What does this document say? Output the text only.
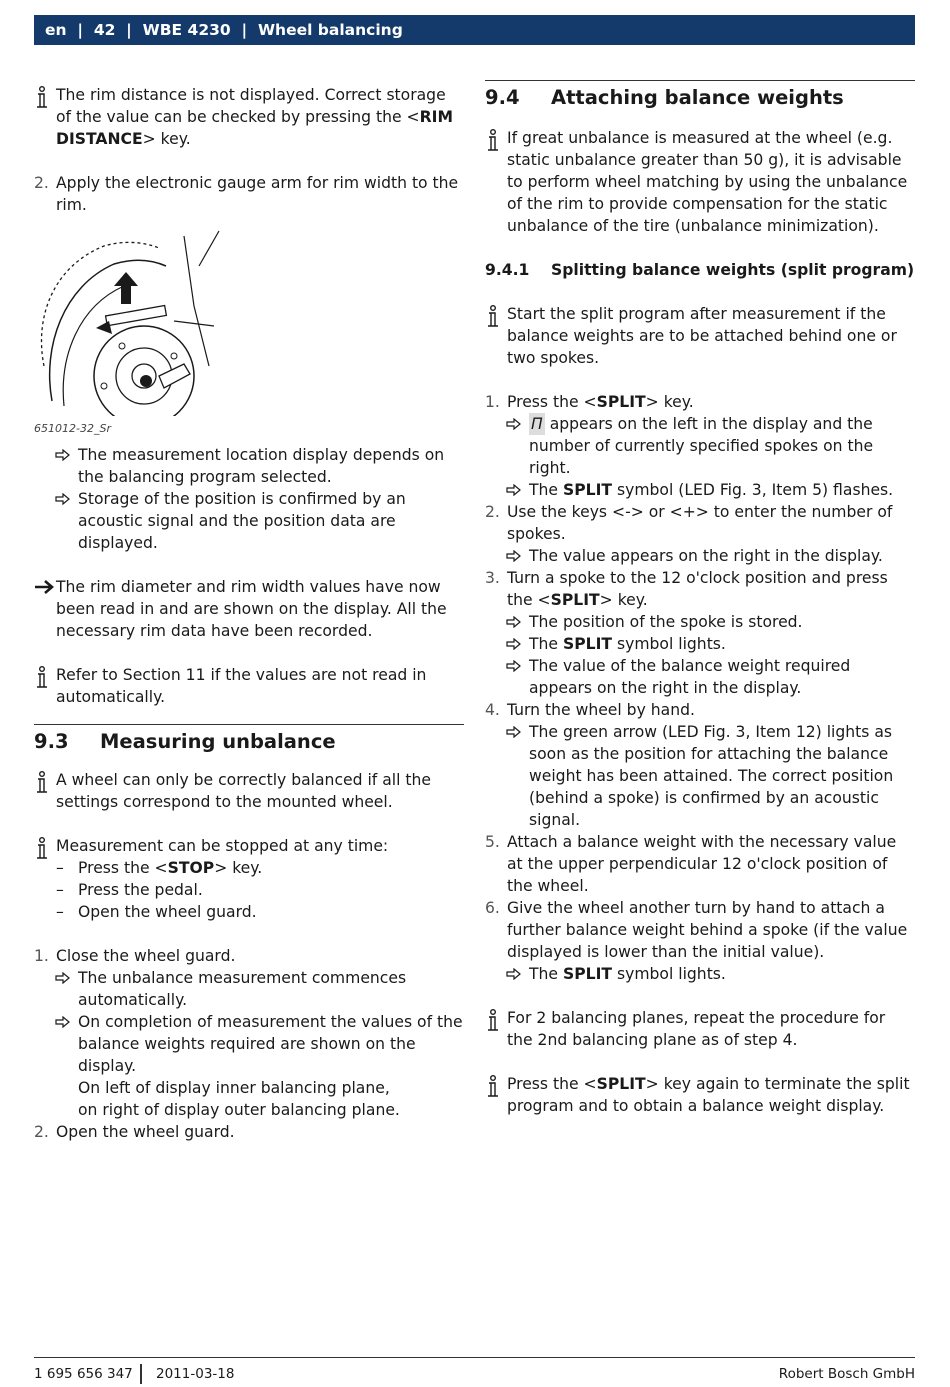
en  |  42  |  WBE 4230  |  Wheel balancing
The rim distance is not displayed. Correct storage of the value can be checked by pressing the <RIM DISTANCE> key.
2. Apply the electronic gauge arm for rim width to the rim.
651012-32_Sr
The measurement location display depends on the balancing program selected.
Storage of the position is confirmed by an acoustic signal and the position data are displayed.
The rim diameter and rim width values have now been read in and are shown on the display. All the necessary rim data have been recorded.
Refer to Section 11 if the values are not read in automatically.
9.3 Measuring unbalance
A wheel can only be correctly balanced if all the settings correspond to the mounted wheel.
Measurement can be stopped at any time:
– Press the <STOP> key.
– Press the pedal.
– Open the wheel guard.
1. Close the wheel guard.
The unbalance measurement commences automatically.
On completion of measurement the values of the balance weights required are shown on the display.
On left of display inner balancing plane,
on right of display outer balancing plane.
2. Open the wheel guard.
9.4 Attaching balance weights
If great unbalance is measured at the wheel (e.g. static unbalance greater than 50 g), it is advisable to perform wheel matching by using the unbalance of the rim to provide compensation for the static unbalance of the tire (unbalance minimization).
9.4.1 Splitting balance weights (split program)
Start the split program after measurement if the balance weights are to be attached behind one or two spokes.
1. Press the <SPLIT> key.
Π appears on the left in the display and the number of currently specified spokes on the right.
The SPLIT symbol (LED Fig. 3, Item 5) flashes.
2. Use the keys <-> or <+> to enter the number of spokes.
The value appears on the right in the display.
3. Turn a spoke to the 12 o'clock position and press the <SPLIT> key.
The position of the spoke is stored.
The SPLIT symbol lights.
The value of the balance weight required appears on the right in the display.
4. Turn the wheel by hand.
The green arrow (LED Fig. 3, Item 12) lights as soon as the position for attaching the balance weight has been attained. The correct position (behind a spoke) is confirmed by an acoustic signal.
5. Attach a balance weight with the necessary value at the upper perpendicular 12 o'clock position of the wheel.
6. Give the wheel another turn by hand to attach a further balance weight behind a spoke (if the value displayed is lower than the initial value).
The SPLIT symbol lights.
For 2 balancing planes, repeat the procedure for the 2nd balancing plane as of step 4.
Press the <SPLIT> key again to terminate the split program and to obtain a balance weight display.
1 695 656 347 2011-03-18	Robert Bosch GmbH
